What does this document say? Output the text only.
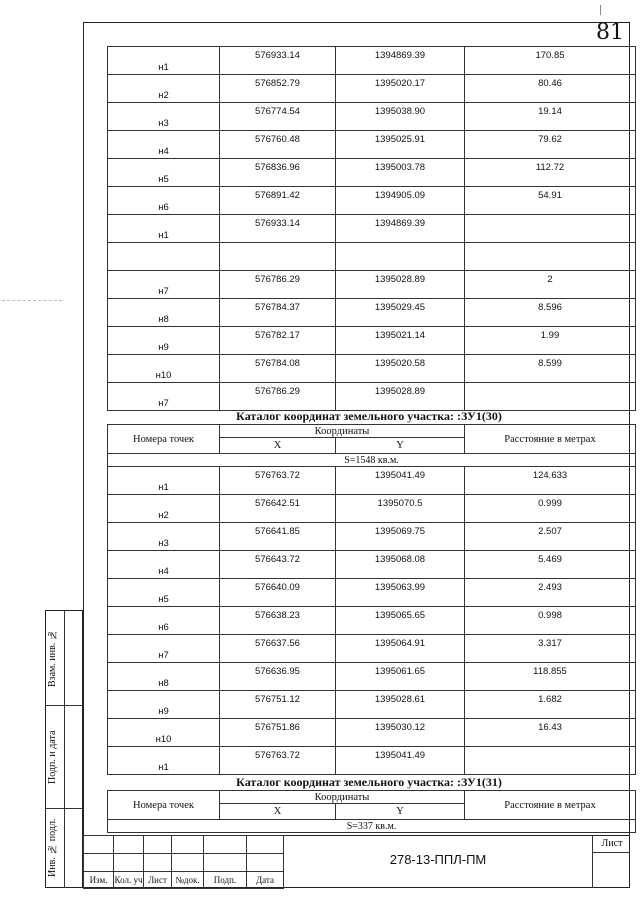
81
н1	576933.14	1394869.39	170.85

н2	576852.79	1395020.17	80.46

н3	576774.54	1395038.90	19.14

н4	576760.48	1395025.91	79.62

н5	576836.96	1395003.78	112.72

н6	576891.42	1394905.09	54.91

н1	576933.14	1394869.39	

н7	576786.29	1395028.89	2

н8	576784.37	1395029.45	8.596

н9	576782.17	1395021.14	1.99

н10	576784.08	1395020.58	8.599

н7	576786.29	1395028.89	

Каталог координат земельного участка: :ЗУ1(30)
Номера точек	Координаты		Расстояние в метрах
	X	Y	
S=1548 кв.м.			
н1	576763.72	1395041.49	124.633

н2	576642.51	1395070.5	0.999

н3	576641.85	1395069.75	2.507

н4	576643.72	1395068.08	5.469

н5	576640.09	1395063.99	2.493

н6	576638.23	1395065.65	0.998

н7	576637.56	1395064.91	3.317

н8	576636.95	1395061.65	118.855

н9	576751.12	1395028.61	1.682

н10	576751.86	1395030.12	16.43

н1	576763.72	1395041.49	

Каталог координат земельного участка: :ЗУ1(31)
Номера точек	Координаты		Расстояние в метрах
	X	Y	
S=337 кв.м.			
Взам. инв. №
Подп. и дата
Инв. № подл.
Изм. Кол. уч Лист №док.	Подп.	Дата
278-13-ППЛ-ПМ
Лист
